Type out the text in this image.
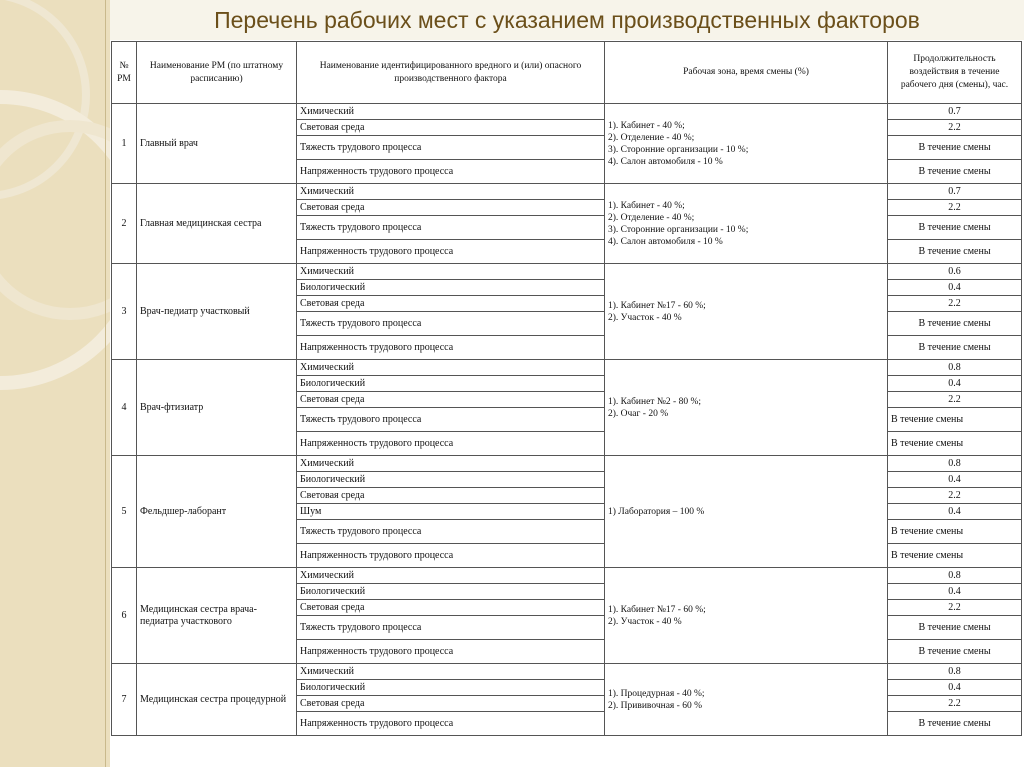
Перечень рабочих мест с указанием производственных факторов
№ РМ	Наименование РМ (по штатному расписанию)	Наименование идентифицированного вредного и (или) опасного производственного фактора	Рабочая зона, время смены (%)	Продолжительность воздействия в течение рабочего дня (смены), час.
1	Главный врач	Химический	1). Кабинет - 40 %;
2). Отделение - 40 %;
3). Сторонние организации - 10 %;
4). Салон автомобиля - 10 %	0.7
		Световая среда		2.2
		Тяжесть трудового процесса		В течение смены
		Напряженность трудового процесса		В течение смены
2	Главная медицинская сестра	Химический	1). Кабинет - 40 %;
2). Отделение - 40 %;
3). Сторонние организации - 10 %;
4). Салон автомобиля - 10 %	0.7
		Световая среда		2.2
		Тяжесть трудового процесса		В течение смены
		Напряженность трудового процесса		В течение смены
3	Врач-педиатр участковый	Химический	1). Кабинет №17 - 60 %;
2). Участок - 40 %	0.6
		Биологический		0.4
		Световая среда		2.2
		Тяжесть трудового процесса		В течение смены
		Напряженность трудового процесса		В течение смены
4	Врач-фтизиатр	Химический	1). Кабинет №2 - 80 %;
2). Очаг - 20 %	0.8
		Биологический		0.4
		Световая среда		2.2
		Тяжесть трудового процесса		В течение смены
		Напряженность трудового процесса		В течение смены
5	Фельдшер-лаборант	Химический	1) Лаборатория – 100 %	0.8
		Биологический		0.4
		Световая среда		2.2
		Шум		0.4
		Тяжесть трудового процесса		В течение смены
		Напряженность трудового процесса		В течение смены
6	Медицинская сестра врача-педиатра участкового	Химический	1). Кабинет №17 - 60 %;
2). Участок - 40 %	0.8
		Биологический		0.4
		Световая среда		2.2
		Тяжесть трудового процесса		В течение смены
		Напряженность трудового процесса		В течение смены
7	Медицинская сестра процедурной	Химический	1). Процедурная - 40 %;
2). Прививочная - 60 %	0.8
		Биологический		0.4
		Световая среда		2.2
		Напряженность трудового процесса		В течение смены
